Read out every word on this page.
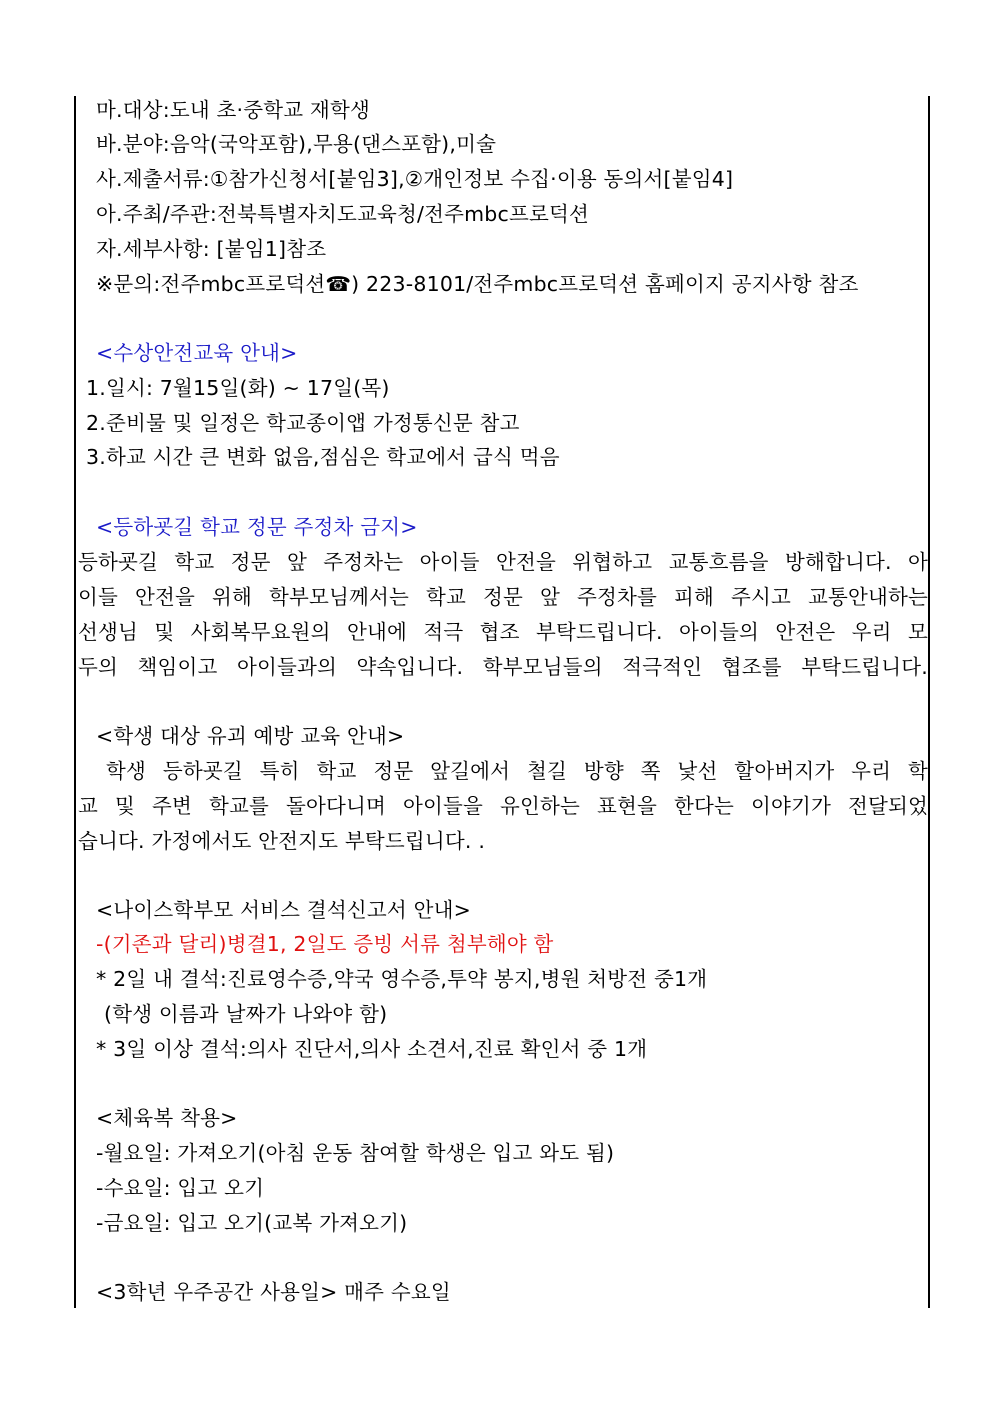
마.대상:도내 초·중학교 재학생
바.분야:음악(국악포함),무용(댄스포함),미술
사.제출서류:①참가신청서[붙임3],②개인정보 수집·이용 동의서[붙임4]
아.주최/주관:전북특별자치도교육청/전주mbc프로덕션
자.세부사항: [붙임1]참조
※문의:전주mbc프로덕션☎) 223-8101/전주mbc프로덕션 홈페이지 공지사항 참조
<수상안전교육 안내>
1.일시: 7월15일(화) ~ 17일(목)
2.준비물 및 일정은 학교종이앱 가정통신문 참고
3.하교 시간 큰 변화 없음,점심은 학교에서 급식 먹음
<등하굣길 학교 정문 주정차 금지>
등하굣길 학교 정문 앞 주정차는 아이들 안전을 위협하고 교통흐름을 방해합니다. 아
이들 안전을 위해 학부모님께서는 학교 정문 앞 주정차를 피해 주시고 교통안내하는
선생님 및 사회복무요원의 안내에 적극 협조 부탁드립니다. 아이들의 안전은 우리 모
두의 책임이고 아이들과의 약속입니다. 학부모님들의 적극적인 협조를 부탁드립니다.
<학생 대상 유괴 예방 교육 안내>
학생 등하굣길 특히 학교 정문 앞길에서 철길 방향 쪽 낯선 할아버지가 우리 학
교 및 주변 학교를 돌아다니며 아이들을 유인하는 표현을 한다는 이야기가 전달되었
습니다. 가정에서도 안전지도 부탁드립니다. .
<나이스학부모 서비스 결석신고서 안내>
-(기존과 달리)병결1, 2일도 증빙 서류 첨부해야 함
* 2일 내 결석:진료영수증,약국 영수증,투약 봉지,병원 처방전 중1개
(학생 이름과 날짜가 나와야 함)
* 3일 이상 결석:의사 진단서,의사 소견서,진료 확인서 중 1개
<체육복 착용>
-월요일: 가져오기(아침 운동 참여할 학생은 입고 와도 됨)
-수요일: 입고 오기
-금요일: 입고 오기(교복 가져오기)
<3학년 우주공간 사용일> 매주 수요일
